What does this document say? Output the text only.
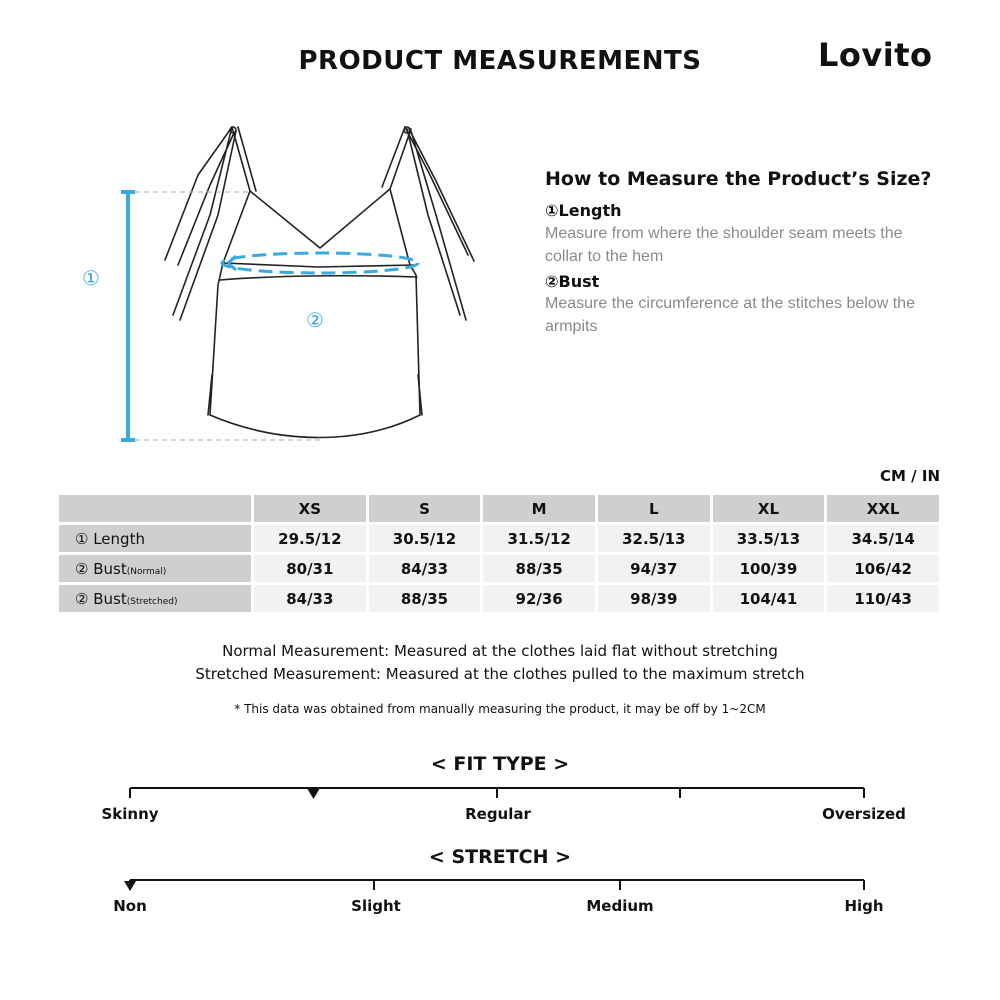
PRODUCT MEASUREMENTS	Lovito
①
②
How to Measure the Product’s Size?
①Length
Measure from where the shoulder seam meets the collar to the hem
②Bust
Measure the circumference at the stitches below the armpits
CM / IN
	XS	S	M	L	XL	XXL
① Length	29.5/12	30.5/12	31.5/12	32.5/13	33.5/13	34.5/14
② Bust(Normal)	80/31	84/33	88/35	94/37	100/39	106/42
② Bust(Stretched)	84/33	88/35	92/36	98/39	104/41	110/43
Normal Measurement: Measured at the clothes laid flat without stretching
Stretched Measurement: Measured at the clothes pulled to the maximum stretch
* This data was obtained from manually measuring the product, it may be off by 1~2CM
< FIT TYPE >
Skinny	Regular	Oversized
< STRETCH >
Non	Slight	Medium	High
